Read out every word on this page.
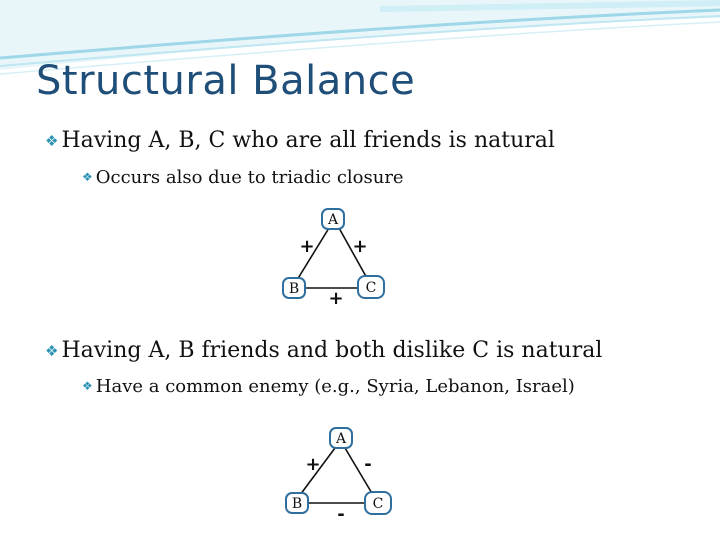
Structural Balance
❖ Having A, B, C who are all friends is natural
❖ Occurs also due to triadic closure
❖ Having A, B friends and both dislike C is natural
❖ Have a common enemy (e.g., Syria, Lebanon, Israel)
A
B	C
+ +
+
A
B	C
+ -
-
